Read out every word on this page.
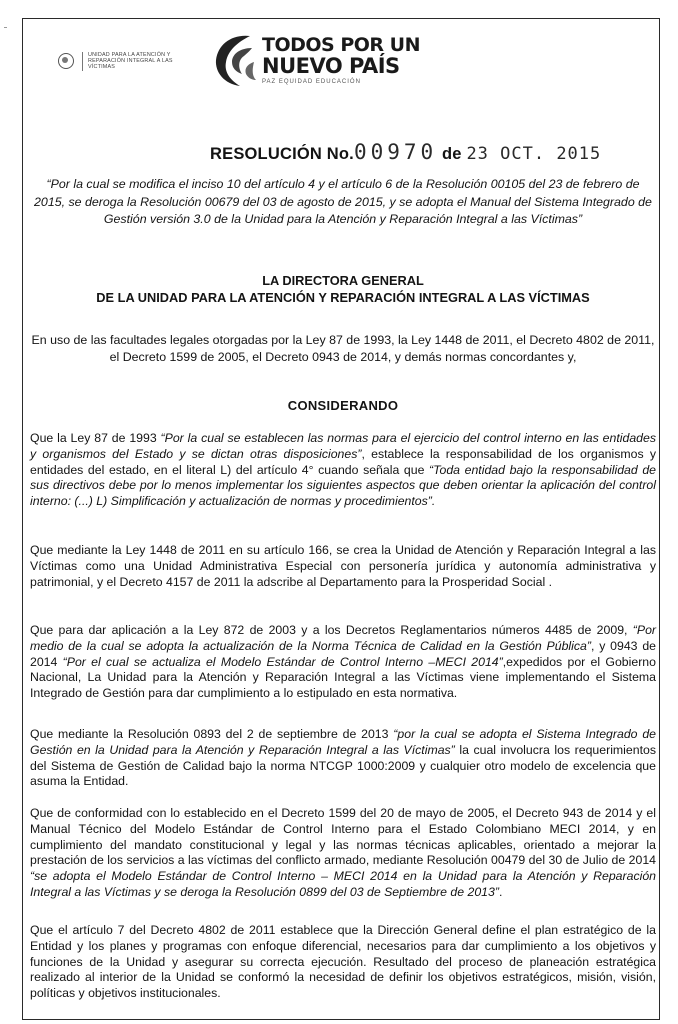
UNIDAD PARA LA ATENCIÓN Y REPARACIÓN INTEGRAL A LAS VÍCTIMAS
TODOS POR UN
NUEVO PAÍS
PAZ EQUIDAD EDUCACIÓN
RESOLUCIÓN No.00970 de 23 OCT. 2015
“Por la cual se modifica el inciso 10 del artículo 4 y el artículo 6 de la Resolución 00105 del 23 de febrero de 2015, se deroga la Resolución 00679 del 03 de agosto de 2015, y se adopta el Manual del Sistema Integrado de Gestión versión 3.0 de la Unidad para la Atención y Reparación Integral a las Víctimas”
LA DIRECTORA GENERAL
DE LA UNIDAD PARA LA ATENCIÓN Y REPARACIÓN INTEGRAL A LAS VÍCTIMAS
En uso de las facultades legales otorgadas por la Ley 87 de 1993, la Ley 1448 de 2011, el Decreto 4802 de 2011, el Decreto 1599 de 2005, el Decreto 0943 de 2014, y demás normas concordantes y,
CONSIDERANDO
Que la Ley 87 de 1993 “Por la cual se establecen las normas para el ejercicio del control interno en las entidades y organismos del Estado y se dictan otras disposiciones”, establece la responsabilidad de los organismos y entidades del estado, en el literal L) del artículo 4° cuando señala que “Toda entidad bajo la responsabilidad de sus directivos debe por lo menos implementar los siguientes aspectos que deben orientar la aplicación del control interno: (...) L) Simplificación y actualización de normas y procedimientos”.
Que mediante la Ley 1448 de 2011 en su artículo 166, se crea la Unidad de Atención y Reparación Integral a las Víctimas como una Unidad Administrativa Especial con personería jurídica y autonomía administrativa y patrimonial, y el Decreto 4157 de 2011 la adscribe al Departamento para la Prosperidad Social .
Que para dar aplicación a la Ley 872 de 2003 y a los Decretos Reglamentarios números 4485 de 2009, “Por medio de la cual se adopta la actualización de la Norma Técnica de Calidad en la Gestión Pública”, y 0943 de 2014 “Por el cual se actualiza el Modelo Estándar de Control Interno –MECI 2014”,expedidos por el Gobierno Nacional, La Unidad para la Atención y Reparación Integral a las Víctimas viene implementando el Sistema Integrado de Gestión para dar cumplimiento a lo estipulado en esta normativa.
Que mediante la Resolución 0893 del 2 de septiembre de 2013 “por la cual se adopta el Sistema Integrado de Gestión en la Unidad para la Atención y Reparación Integral a las Víctimas” la cual involucra los requerimientos del Sistema de Gestión de Calidad bajo la norma NTCGP 1000:2009 y cualquier otro modelo de excelencia que asuma la Entidad.
Que de conformidad con lo establecido en el Decreto 1599 del 20 de mayo de 2005, el Decreto 943 de 2014 y el Manual Técnico del Modelo Estándar de Control Interno para el Estado Colombiano MECI 2014, y en cumplimiento del mandato constitucional y legal y las normas técnicas aplicables, orientado a mejorar la prestación de los servicios a las víctimas del conflicto armado, mediante Resolución 00479 del 30 de Julio de 2014 “se adopta el Modelo Estándar de Control Interno – MECI 2014 en la Unidad para la Atención y Reparación Integral a las Víctimas y se deroga la Resolución 0899 del 03 de Septiembre de 2013”.
Que el artículo 7 del Decreto 4802 de 2011 establece que la Dirección General define el plan estratégico de la Entidad y los planes y programas con enfoque diferencial, necesarios para dar cumplimiento a los objetivos y funciones de la Unidad y asegurar su correcta ejecución. Resultado del proceso de planeación estratégica realizado al interior de la Unidad se conformó la necesidad de definir los objetivos estratégicos, misión, visión, políticas y objetivos institucionales.
